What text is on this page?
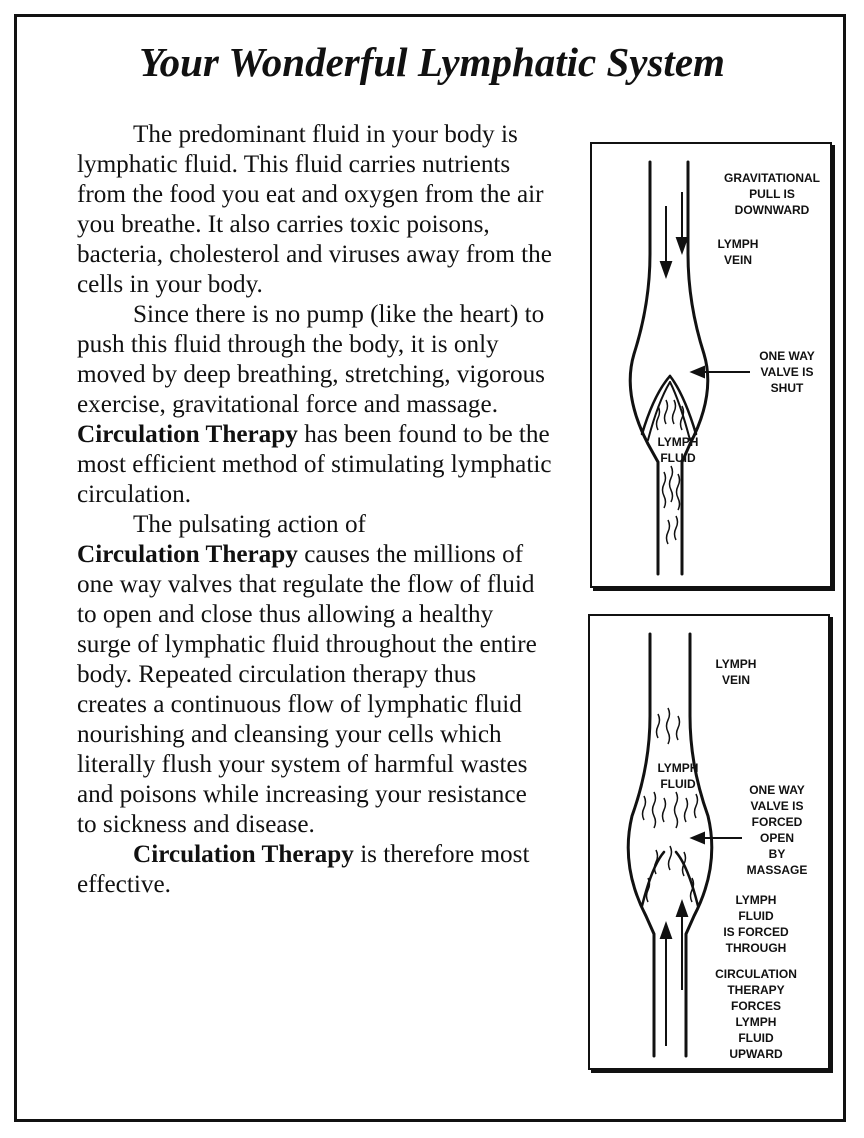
Your Wonderful Lymphatic System

The predominant fluid in your body is lymphatic fluid. This fluid carries nutrients from the food you eat and oxygen from the air you breathe. It also carries toxic poisons, bacteria, cholesterol and viruses away from the cells in your body.

Since there is no pump (like the heart) to push this fluid through the body, it is only moved by deep breathing, stretching, vigorous exercise, gravitational force and massage. Circulation Therapy has been found to be the most efficient method of stimulating lymphatic circulation.

The pulsating action of
Circulation Therapy causes the millions of one way valves that regulate the flow of fluid to open and close thus allowing a healthy surge of lymphatic fluid throughout the entire body. Repeated circulation therapy thus creates a continuous flow of lymphatic fluid nourishing and cleansing your cells which literally flush your system of harmful wastes and poisons while increasing your resistance to sickness and disease.

Circulation Therapy is therefore most effective.

GRAVITATIONAL
PULL IS
DOWNWARD
LYMPH
VEIN
ONE WAY
VALVE IS
SHUT
LYMPH
FLUID
LYMPH
VEIN
LYMPH
FLUID	ONE WAY
VALVE IS
FORCED
OPEN
BY
MASSAGE
LYMPH
FLUID
IS FORCED
THROUGH
CIRCULATION
THERAPY
FORCES
LYMPH
FLUID
UPWARD
